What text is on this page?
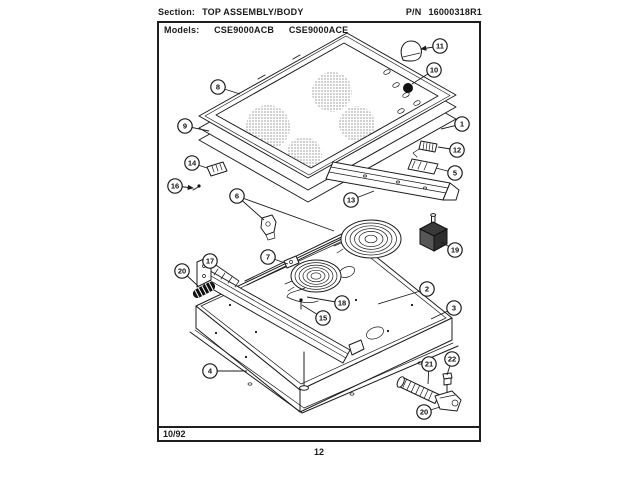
Section: TOP ASSEMBLY/BODY	P/N 16000318R1
Models: CSE9000ACB CSE9000ACE
10/92
12
8
9
11
10
1
14
16
12
5
13
6
19
7
17
20
2
3
18
15
4
21
22
20
